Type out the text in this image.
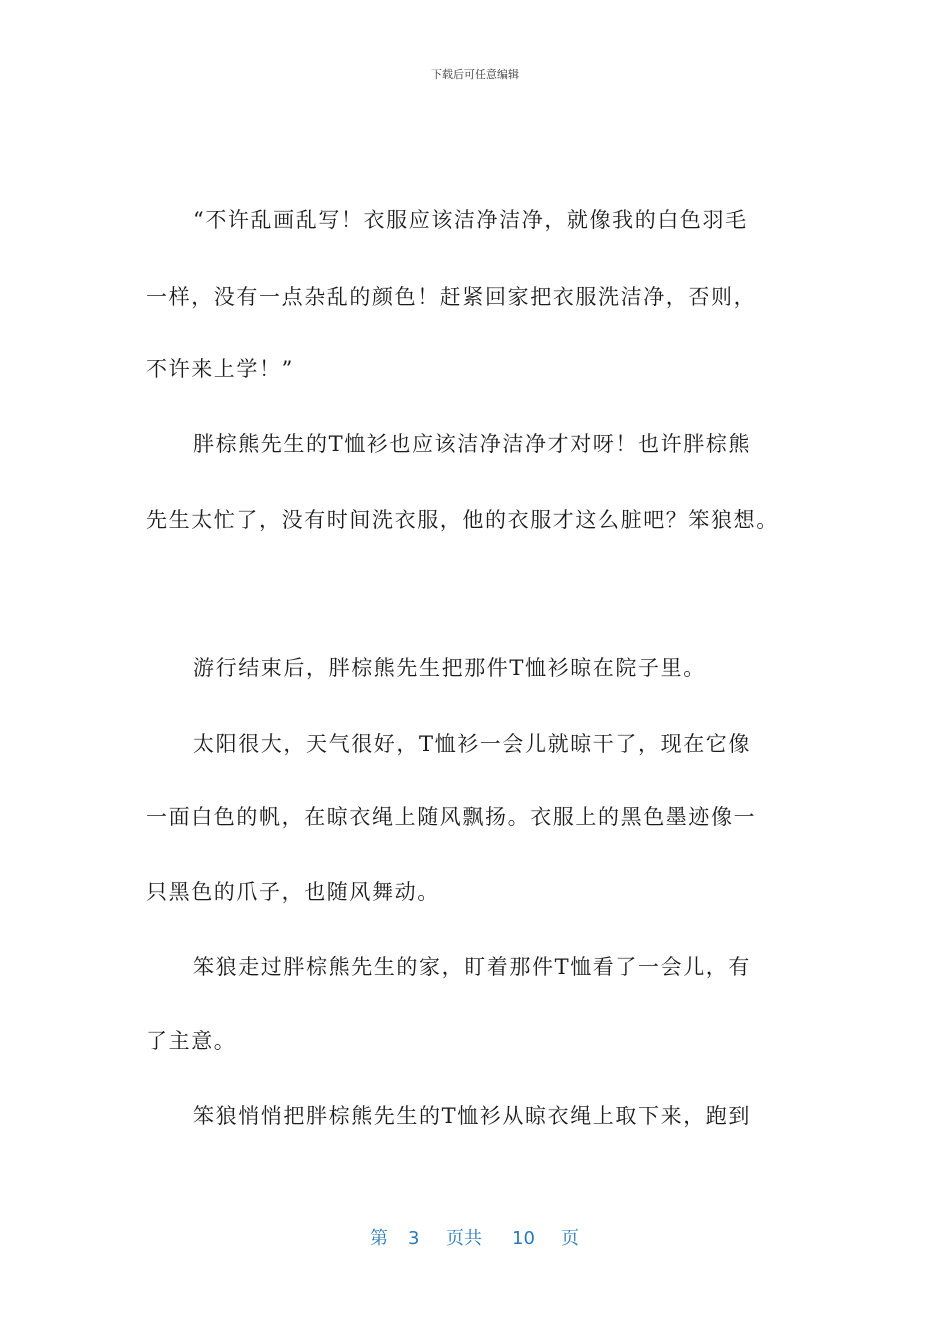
下载后可任意编辑
“不许乱画乱写！衣服应该洁净洁净，就像我的白色羽毛
一样，没有一点杂乱的颜色！赶紧回家把衣服洗洁净，否则，
不许来上学！”
胖棕熊先生的T恤衫也应该洁净洁净才对呀！也许胖棕熊
先生太忙了，没有时间洗衣服，他的衣服才这么脏吧？笨狼想。
游行结束后，胖棕熊先生把那件T恤衫晾在院子里。
太阳很大，天气很好，T恤衫一会儿就晾干了，现在它像
一面白色的帆，在晾衣绳上随风飘扬。衣服上的黑色墨迹像一
只黑色的爪子，也随风舞动。
笨狼走过胖棕熊先生的家，盯着那件T恤看了一会儿，有
了主意。
笨狼悄悄把胖棕熊先生的T恤衫从晾衣绳上取下来，跑到
第 3 页共 10 页
